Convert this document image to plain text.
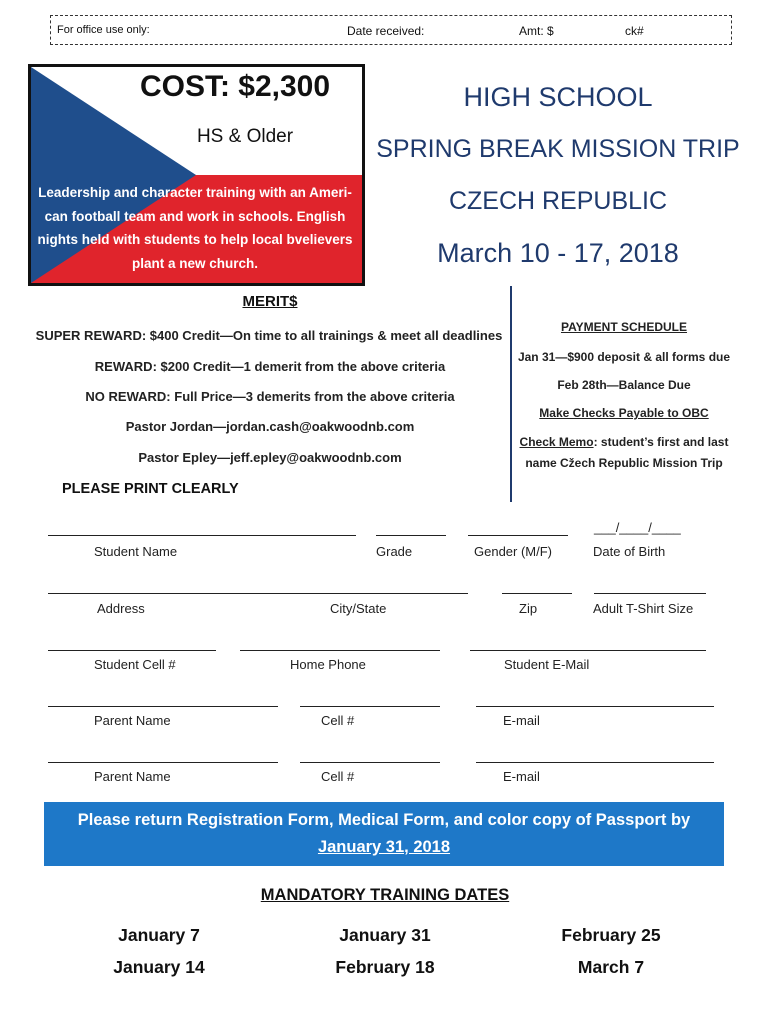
For office use only:	Date received:	Amt: $	ck#
COST: $2,300
HS & Older
Leadership and character training with an Ameri-
can football team and work in schools. English
nights held with students to help local bvelievers
plant a new church.
HIGH SCHOOL
SPRING BREAK MISSION TRIP
CZECH REPUBLIC
March 10 - 17, 2018
MERIT$
SUPER REWARD: $400 Credit—On time to all trainings & meet all deadlines
REWARD: $200 Credit—1 demerit from the above criteria
NO REWARD: Full Price—3 demerits from the above criteria
Pastor Jordan—jordan.cash@oakwoodnb.com
Pastor Epley—jeff.epley@oakwoodnb.com
PAYMENT SCHEDULE
Jan 31—$900 deposit & all forms due
Feb 28th—Balance Due
Make Checks Payable to OBC
Check Memo: student’s first and last
name Cžech Republic Mission Trip
PLEASE PRINT CLEARLY
___/____/____
Student Name	Grade	Gender (M/F)	Date of Birth
Address	City/State	Zip	Adult T-Shirt Size
Student Cell #	Home Phone	Student E-Mail
Parent Name	Cell #	E-mail
Parent Name	Cell #	E-mail
Please return Registration Form, Medical Form, and color copy of Passport by
January 31, 2018
MANDATORY TRAINING DATES
January 7	January 31	February 25
January 14	February 18	March 7
